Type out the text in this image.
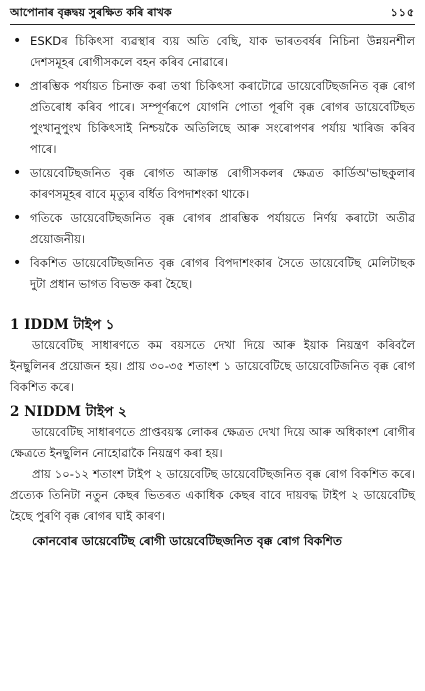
আপোনাৰ বৃক্কদ্বয় সুৰক্ষিত কৰি ৰাখক	১১৫
• ESKDৰ চিকিৎসা ব্যৱস্থাৰ ব্যয় অতি বেছি, যাক ভাৰতবৰ্ষৰ নিচিনা উন্নয়নশীল দেশসমূহৰ ৰোগীসকলে বহন কৰিব নোৱাৰে।
• প্ৰাৰম্ভিক পৰ্যায়ত চিনাক্ত কৰা তথা চিকিৎসা কৰাটোৱে ডায়েবেটিছজনিত বৃক্ক ৰোগ প্ৰতিৰোধ কৰিব পাৰে। সম্পূৰ্ণৰূপে যোগনি পোতা পূৰণি বৃক্ক ৰোগৰ ডায়েবেটিছত পুংখানুপুংখ চিকিৎসাই নিশ্চয়কৈ অতিলিছে আৰু সংৰোপণৰ পৰ্যায় খাৰিজ কৰিব পাৰে।
• ডায়েবেটিছজনিত বৃক্ক ৰোগত আক্ৰান্ত ৰোগীসকলৰ ক্ষেত্ৰত কাৰ্ডিঅ'ভাছকুলাৰ কাৰণসমূহৰ বাবে মৃত্যুৰ বৰ্ধিত বিপদাশংকা থাকে।
• গতিকে ডায়েবেটিছজনিত বৃক্ক ৰোগৰ প্ৰাৰম্ভিক পৰ্যায়তে নিৰ্ণয় কৰাটো অতীৱ প্ৰয়োজনীয়।
• বিকশিত ডায়েবেটিছজনিত বৃক্ক ৰোগৰ বিপদাশংকাৰ সৈতে ডায়েবেটিছ মেলিটাছক দুটা প্ৰধান ভাগত বিভক্ত কৰা হৈছে।
1 IDDM টাইপ ১

ডায়েবেটিছ সাধাৰণতে কম বয়সতে দেখা দিয়ে আৰু ইয়াক নিয়ন্ত্ৰণ কৰিবলৈ ইনছুলিনৰ প্ৰয়োজন হয়। প্ৰায় ৩০-৩৫ শতাংশ ১ ডায়েবেটিছে ডায়েবেটিজনিত বৃক্ক ৰোগ বিকশিত কৰে।

2 NIDDM টাইপ ২

ডায়েবেটিছ সাধাৰণতে প্ৰাপ্তবয়স্ক লোকৰ ক্ষেত্ৰত দেখা দিয়ে আৰু অধিকাংশ ৰোগীৰ ক্ষেত্ৰতে ইনছুলিন নোহোৱাকৈ নিয়ন্ত্ৰণ কৰা হয়।

প্ৰায় ১০-১২ শতাংশ টাইপ ২ ডায়েবেটিছ ডায়েবেটিছজনিত বৃক্ক ৰোগ বিকশিত কৰে। প্ৰত্যেক তিনিটা নতুন কেছৰ ভিতৰত একাধিক কেছৰ বাবে দায়বদ্ধ টাইপ ২ ডায়েবেটিছ হৈছে পুৰণি বৃক্ক ৰোগৰ ঘাই কাৰণ।

কোনবোৰ ডায়েবেটিছ ৰোগী ডায়েবেটিছজনিত বৃক্ক ৰোগ বিকশিত
